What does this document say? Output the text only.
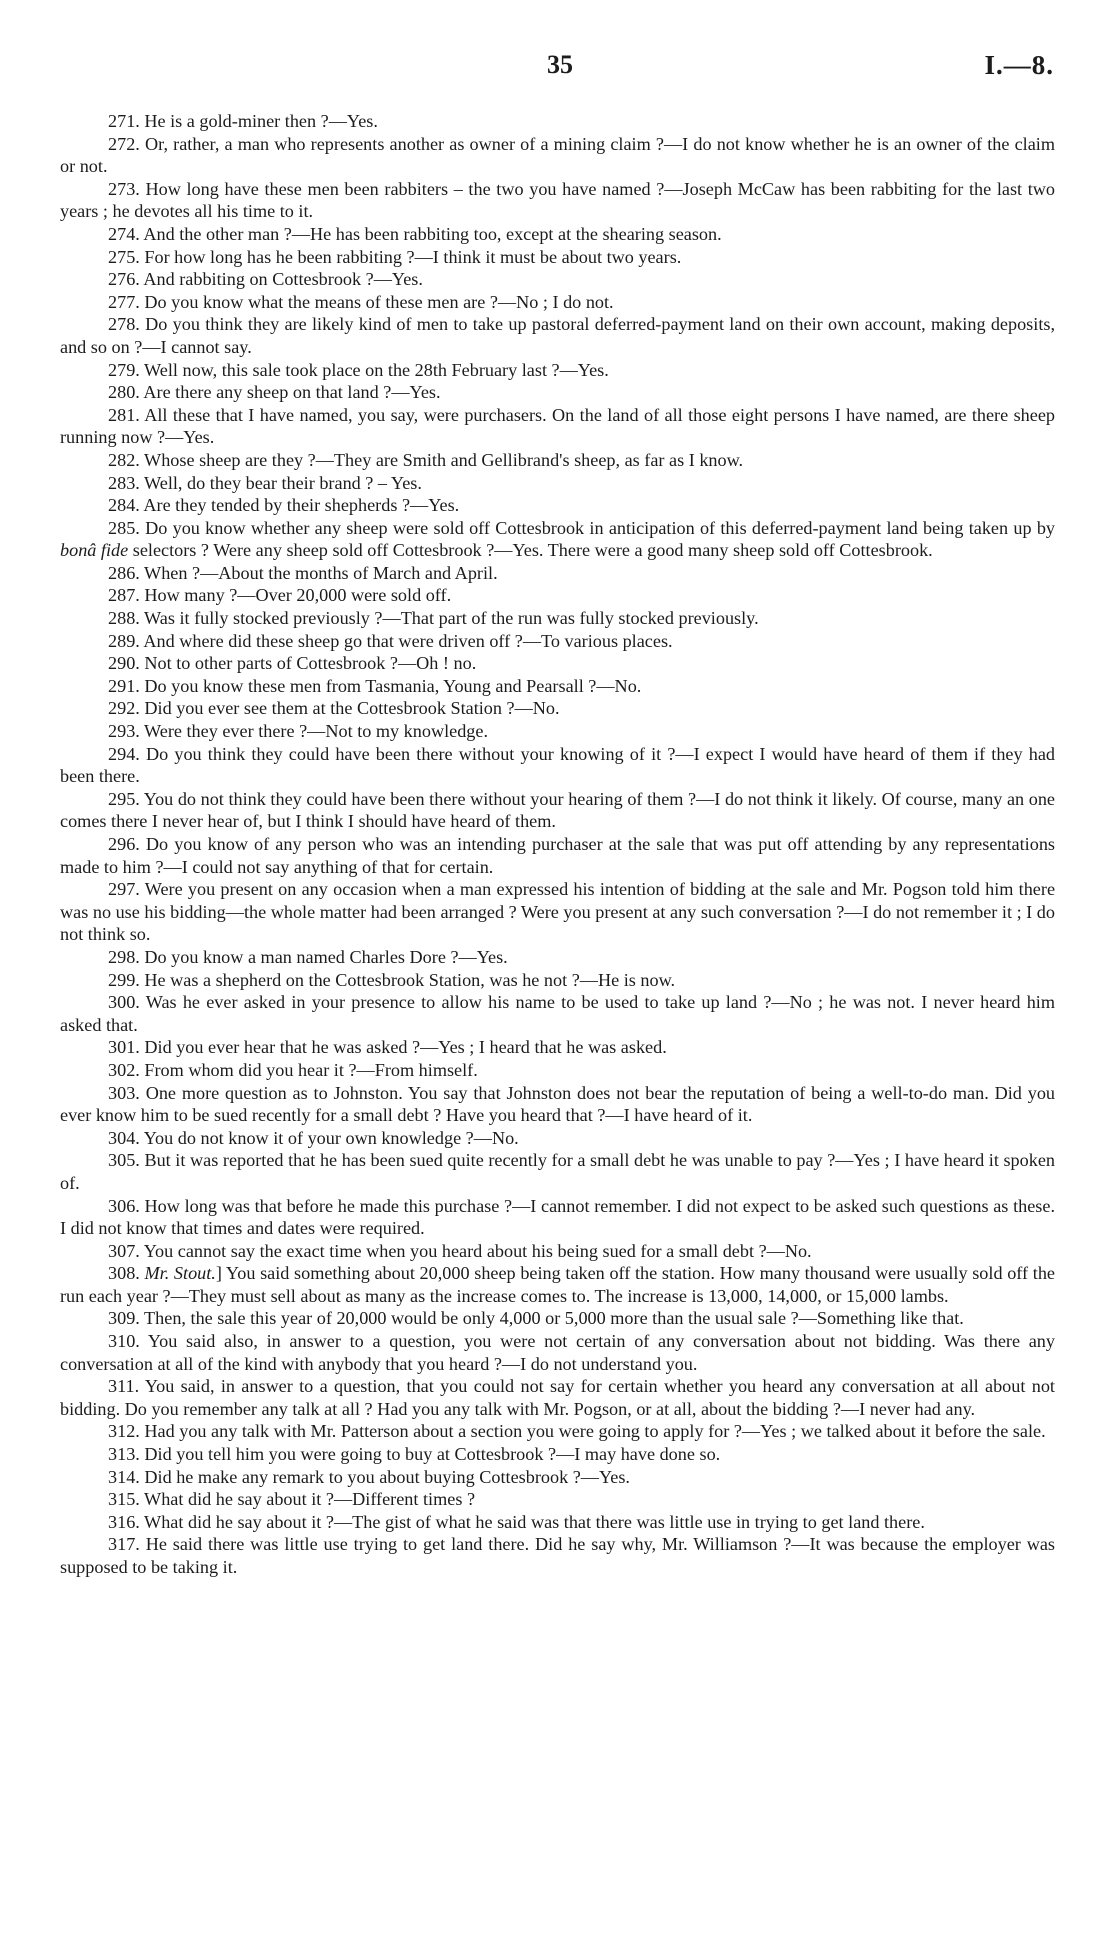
35	I.—8.

271. He is a gold-miner then ?—Yes.

272. Or, rather, a man who represents another as owner of a mining claim ?—I do not know whether he is an owner of the claim or not.

273. How long have these men been rabbiters – the two you have named ?—Joseph McCaw has been rabbiting for the last two years ; he devotes all his time to it.

274. And the other man ?—He has been rabbiting too, except at the shearing season.

275. For how long has he been rabbiting ?—I think it must be about two years.

276. And rabbiting on Cottesbrook ?—Yes.

277. Do you know what the means of these men are ?—No ; I do not.

278. Do you think they are likely kind of men to take up pastoral deferred-payment land on their own account, making deposits, and so on ?—I cannot say.

279. Well now, this sale took place on the 28th February last ?—Yes.

280. Are there any sheep on that land ?—Yes.

281. All these that I have named, you say, were purchasers. On the land of all those eight persons I have named, are there sheep running now ?—Yes.

282. Whose sheep are they ?—They are Smith and Gellibrand's sheep, as far as I know.

283. Well, do they bear their brand ? – Yes.

284. Are they tended by their shepherds ?—Yes.

285. Do you know whether any sheep were sold off Cottesbrook in anticipation of this deferred-payment land being taken up by bonâ fide selectors ? Were any sheep sold off Cottesbrook ?—Yes. There were a good many sheep sold off Cottesbrook.

286. When ?—About the months of March and April.

287. How many ?—Over 20,000 were sold off.

288. Was it fully stocked previously ?—That part of the run was fully stocked previously.

289. And where did these sheep go that were driven off ?—To various places.

290. Not to other parts of Cottesbrook ?—Oh ! no.

291. Do you know these men from Tasmania, Young and Pearsall ?—No.

292. Did you ever see them at the Cottesbrook Station ?—No.

293. Were they ever there ?—Not to my knowledge.

294. Do you think they could have been there without your knowing of it ?—I expect I would have heard of them if they had been there.

295. You do not think they could have been there without your hearing of them ?—I do not think it likely. Of course, many an one comes there I never hear of, but I think I should have heard of them.

296. Do you know of any person who was an intending purchaser at the sale that was put off attending by any representations made to him ?—I could not say anything of that for certain.

297. Were you present on any occasion when a man expressed his intention of bidding at the sale and Mr. Pogson told him there was no use his bidding—the whole matter had been arranged ? Were you present at any such conversation ?—I do not remember it ; I do not think so.

298. Do you know a man named Charles Dore ?—Yes.

299. He was a shepherd on the Cottesbrook Station, was he not ?—He is now.

300. Was he ever asked in your presence to allow his name to be used to take up land ?—No ; he was not. I never heard him asked that.

301. Did you ever hear that he was asked ?—Yes ; I heard that he was asked.

302. From whom did you hear it ?—From himself.

303. One more question as to Johnston. You say that Johnston does not bear the reputation of being a well-to-do man. Did you ever know him to be sued recently for a small debt ? Have you heard that ?—I have heard of it.

304. You do not know it of your own knowledge ?—No.

305. But it was reported that he has been sued quite recently for a small debt he was unable to pay ?—Yes ; I have heard it spoken of.

306. How long was that before he made this purchase ?—I cannot remember. I did not expect to be asked such questions as these. I did not know that times and dates were required.

307. You cannot say the exact time when you heard about his being sued for a small debt ?—No.

308. Mr. Stout.] You said something about 20,000 sheep being taken off the station. How many thousand were usually sold off the run each year ?—They must sell about as many as the increase comes to. The increase is 13,000, 14,000, or 15,000 lambs.

309. Then, the sale this year of 20,000 would be only 4,000 or 5,000 more than the usual sale ?—Something like that.

310. You said also, in answer to a question, you were not certain of any conversation about not bidding. Was there any conversation at all of the kind with anybody that you heard ?—I do not understand you.

311. You said, in answer to a question, that you could not say for certain whether you heard any conversation at all about not bidding. Do you remember any talk at all ? Had you any talk with Mr. Pogson, or at all, about the bidding ?—I never had any.

312. Had you any talk with Mr. Patterson about a section you were going to apply for ?—Yes ; we talked about it before the sale.

313. Did you tell him you were going to buy at Cottesbrook ?—I may have done so.

314. Did he make any remark to you about buying Cottesbrook ?—Yes.

315. What did he say about it ?—Different times ?

316. What did he say about it ?—The gist of what he said was that there was little use in trying to get land there.

317. He said there was little use trying to get land there. Did he say why, Mr. Williamson ?—It was because the employer was supposed to be taking it.
